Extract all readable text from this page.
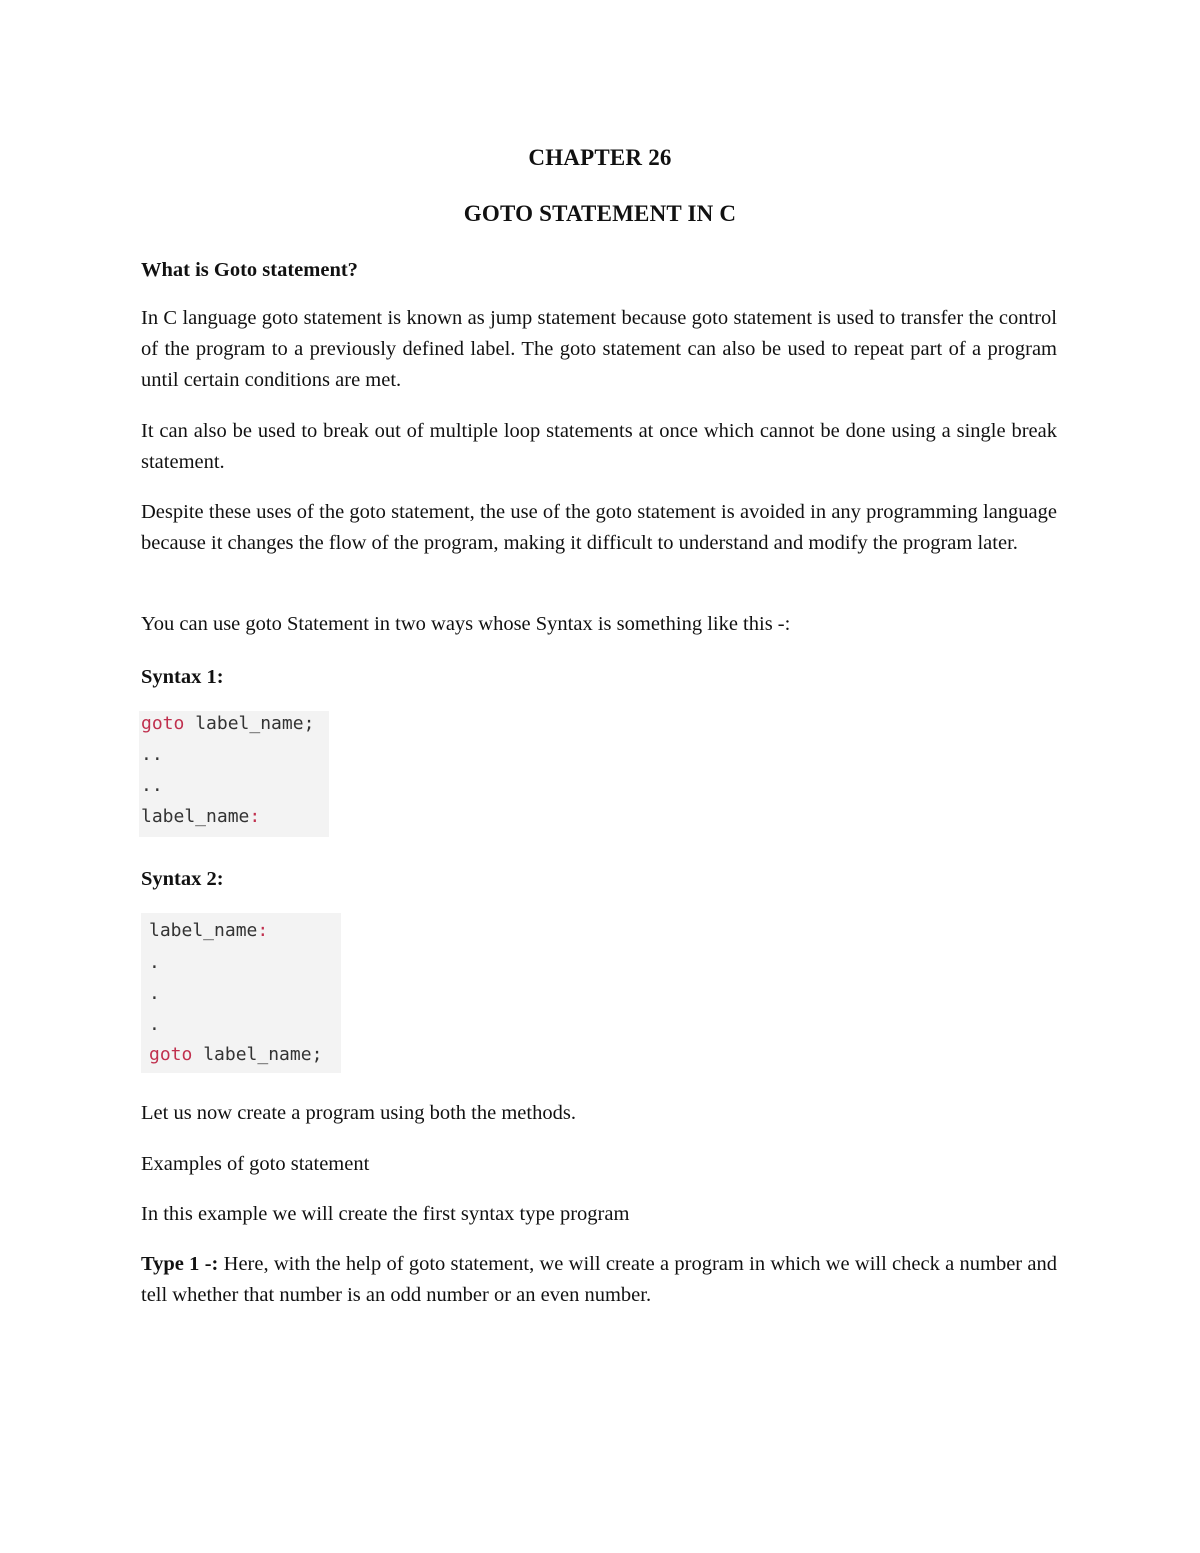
CHAPTER 26
GOTO STATEMENT IN C
What is Goto statement?
In C language goto statement is known as jump statement because goto statement is used to transfer the control of the program to a previously defined label. The goto statement can also be used to repeat part of a program until certain conditions are met.
It can also be used to break out of multiple loop statements at once which cannot be done using a single break statement.
Despite these uses of the goto statement, the use of the goto statement is avoided in any programming language because it changes the flow of the program, making it difficult to understand and modify the program later.
You can use goto Statement in two ways whose Syntax is something like this -:
Syntax 1:
goto label_name;
..
..
label_name:
Syntax 2:
label_name:
.
.
.
goto label_name;
Let us now create a program using both the methods.
Examples of goto statement
In this example we will create the first syntax type program
Type 1 -: Here, with the help of goto statement, we will create a program in which we will check a number and tell whether that number is an odd number or an even number.
